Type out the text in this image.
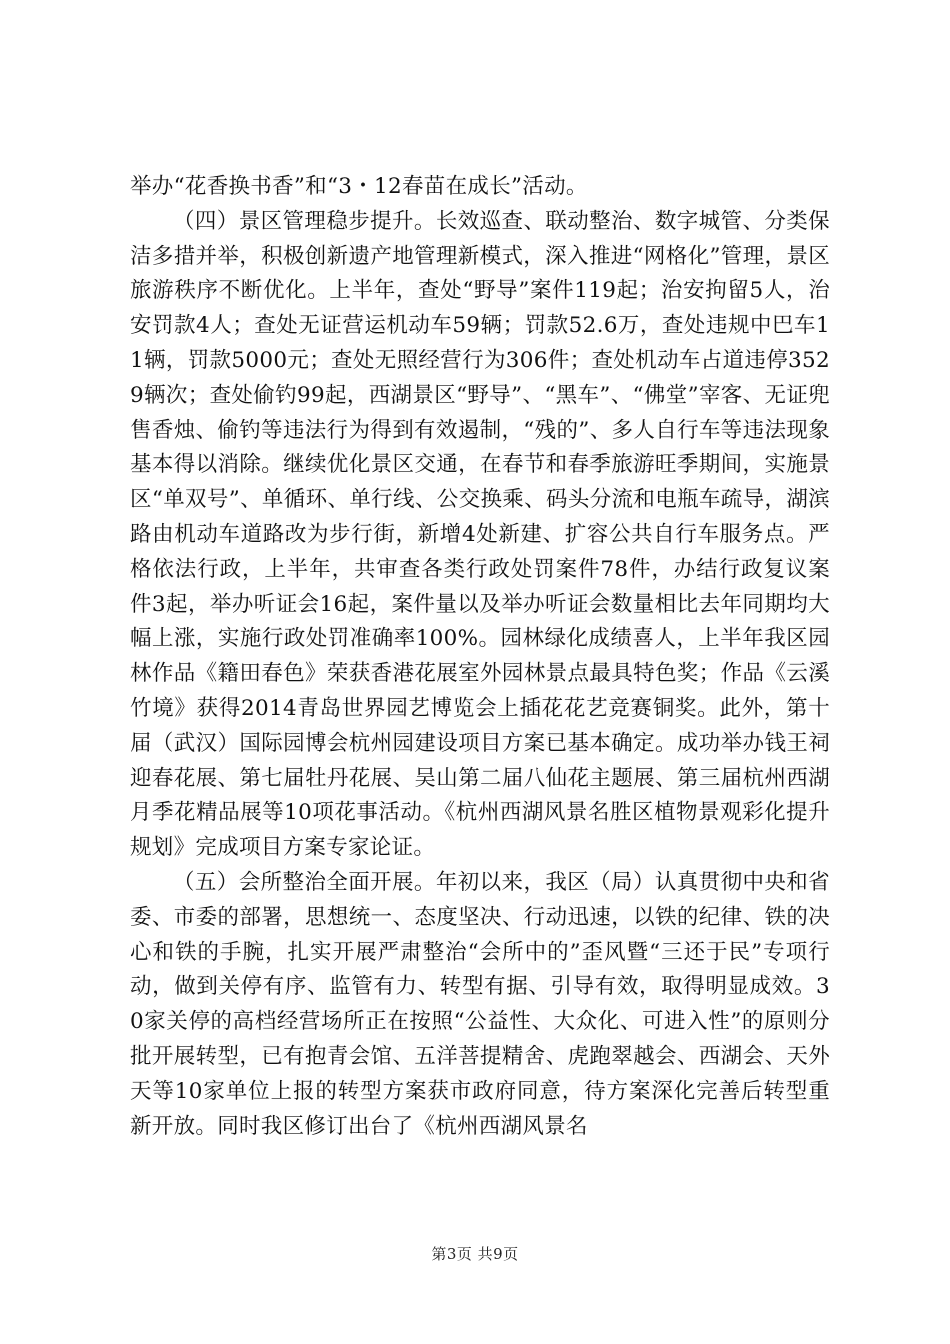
举办“花香换书香”和“3・12春苗在成长”活动。

（四）景区管理稳步提升。长效巡查、联动整治、数字城管、分类保洁多措并举，积极创新遗产地管理新模式，深入推进“网格化”管理，景区旅游秩序不断优化。上半年，查处“野导”案件119起；治安拘留5人，治安罚款4人；查处无证营运机动车59辆；罚款52.6万，查处违规中巴车11辆，罚款5000元；查处无照经营行为306件；查处机动车占道违停3529辆次；查处偷钓99起，西湖景区“野导”、“黑车”、“佛堂”宰客、无证兜售香烛、偷钓等违法行为得到有效遏制，“残的”、多人自行车等违法现象基本得以消除。继续优化景区交通，在春节和春季旅游旺季期间，实施景区“单双号”、单循环、单行线、公交换乘、码头分流和电瓶车疏导，湖滨路由机动车道路改为步行街，新增4处新建、扩容公共自行车服务点。严格依法行政，上半年，共审查各类行政处罚案件78件，办结行政复议案件3起，举办听证会16起，案件量以及举办听证会数量相比去年同期均大幅上涨，实施行政处罚准确率100%。园林绿化成绩喜人，上半年我区园林作品《籍田春色》荣获香港花展室外园林景点最具特色奖；作品《云溪竹境》获得2014青岛世界园艺博览会上插花花艺竞赛铜奖。此外，第十届（武汉）国际园博会杭州园建设项目方案已基本确定。成功举办钱王祠迎春花展、第七届牡丹花展、吴山第二届八仙花主题展、第三届杭州西湖月季花精品展等10项花事活动。《杭州西湖风景名胜区植物景观彩化提升规划》完成项目方案专家论证。

（五）会所整治全面开展。年初以来，我区（局）认真贯彻中央和省委、市委的部署，思想统一、态度坚决、行动迅速，以铁的纪律、铁的决心和铁的手腕，扎实开展严肃整治“会所中的”歪风暨“三还于民”专项行动，做到关停有序、监管有力、转型有据、引导有效，取得明显成效。30家关停的高档经营场所正在按照“公益性、大众化、可进入性”的原则分批开展转型，已有抱青会馆、五洋菩提精舍、虎跑翠越会、西湖会、天外天等10家单位上报的转型方案获市政府同意，待方案深化完善后转型重新开放。同时我区修订出台了《杭州西湖风景名

第3页 共9页
